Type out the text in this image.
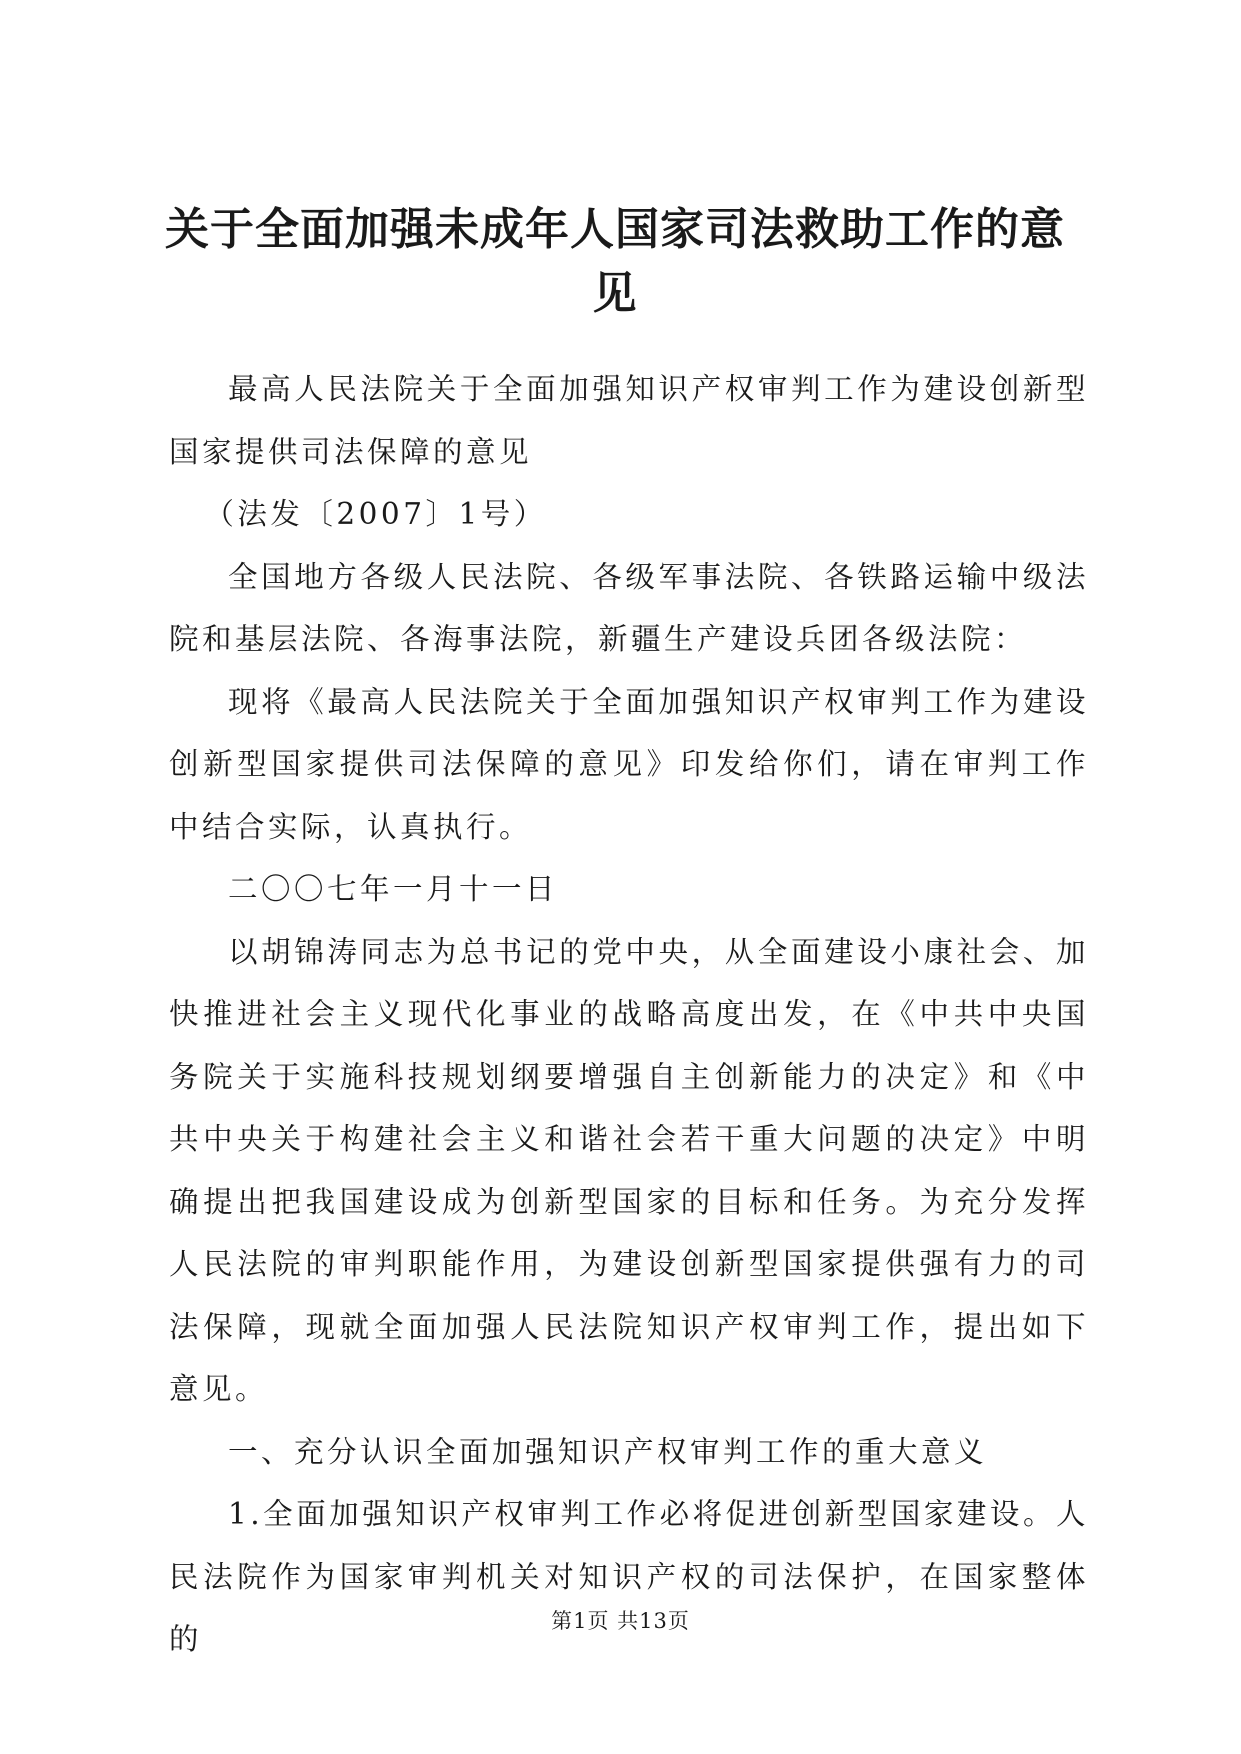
关于全面加强未成年人国家司法救助工作的意见

最高人民法院关于全面加强知识产权审判工作为建设创新型国家提供司法保障的意见

（法发〔2007〕1号）

全国地方各级人民法院、各级军事法院、各铁路运输中级法院和基层法院、各海事法院，新疆生产建设兵团各级法院：

现将《最高人民法院关于全面加强知识产权审判工作为建设创新型国家提供司法保障的意见》印发给你们，请在审判工作中结合实际，认真执行。

二〇〇七年一月十一日

以胡锦涛同志为总书记的党中央，从全面建设小康社会、加快推进社会主义现代化事业的战略高度出发，在《中共中央国务院关于实施科技规划纲要增强自主创新能力的决定》和《中共中央关于构建社会主义和谐社会若干重大问题的决定》中明确提出把我国建设成为创新型国家的目标和任务。为充分发挥人民法院的审判职能作用，为建设创新型国家提供强有力的司法保障，现就全面加强人民法院知识产权审判工作，提出如下意见。

一、充分认识全面加强知识产权审判工作的重大意义

1.全面加强知识产权审判工作必将促进创新型国家建设。人民法院作为国家审判机关对知识产权的司法保护，在国家整体的

第1页 共13页
